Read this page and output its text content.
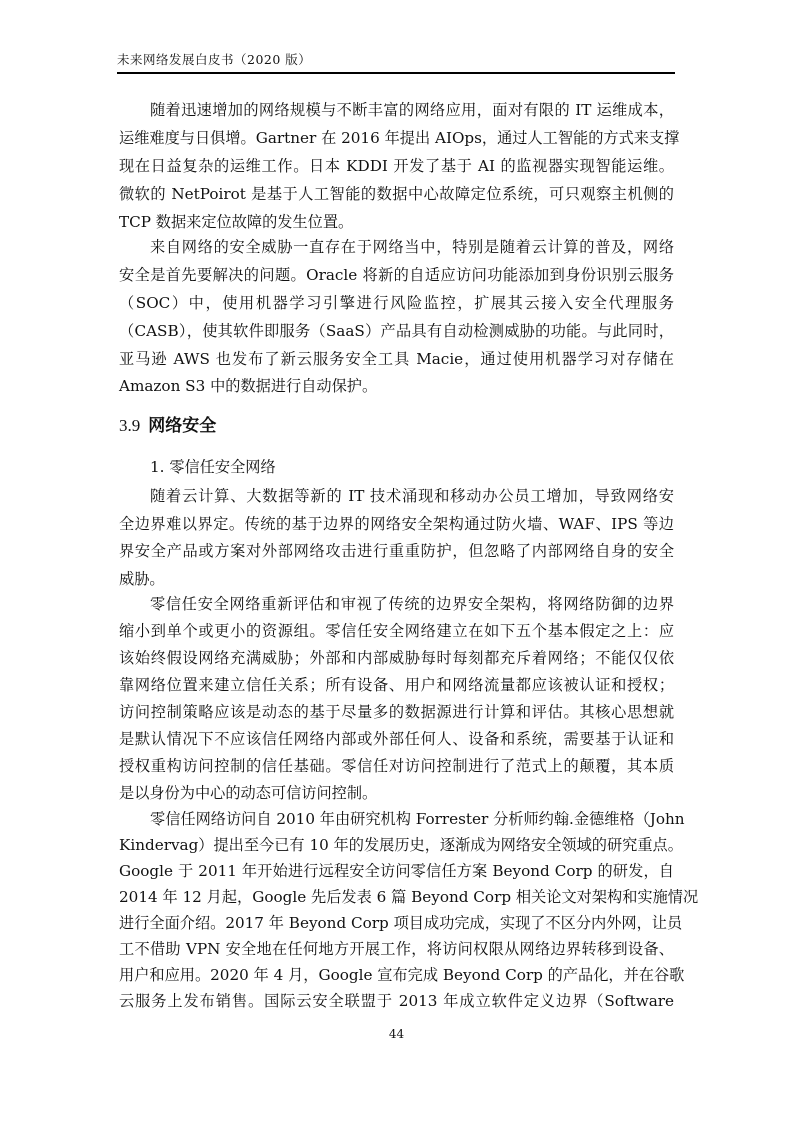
未来网络发展白皮书（2020 版）
随着迅速增加的网络规模与不断丰富的网络应用，面对有限的 IT 运维成本，
运维难度与日俱增。Gartner 在 2016 年提出 AIOps，通过人工智能的方式来支撑
现在日益复杂的运维工作。日本 KDDI 开发了基于 AI 的监视器实现智能运维。
微软的 NetPoirot 是基于人工智能的数据中心故障定位系统，可只观察主机侧的
TCP 数据来定位故障的发生位置。
来自网络的安全威胁一直存在于网络当中，特别是随着云计算的普及，网络
安全是首先要解决的问题。Oracle 将新的自适应访问功能添加到身份识别云服务
（SOC）中，使用机器学习引擎进行风险监控，扩展其云接入安全代理服务
（CASB），使其软件即服务（SaaS）产品具有自动检测威胁的功能。与此同时，
亚马逊 AWS 也发布了新云服务安全工具 Macie，通过使用机器学习对存储在
Amazon S3 中的数据进行自动保护。
3.9 网络安全
1. 零信任安全网络
随着云计算、大数据等新的 IT 技术涌现和移动办公员工增加，导致网络安
全边界难以界定。传统的基于边界的网络安全架构通过防火墙、WAF、IPS 等边
界安全产品或方案对外部网络攻击进行重重防护，但忽略了内部网络自身的安全
威胁。
零信任安全网络重新评估和审视了传统的边界安全架构，将网络防御的边界
缩小到单个或更小的资源组。零信任安全网络建立在如下五个基本假定之上：应
该始终假设网络充满威胁；外部和内部威胁每时每刻都充斥着网络；不能仅仅依
靠网络位置来建立信任关系；所有设备、用户和网络流量都应该被认证和授权；
访问控制策略应该是动态的基于尽量多的数据源进行计算和评估。其核心思想就
是默认情况下不应该信任网络内部或外部任何人、设备和系统，需要基于认证和
授权重构访问控制的信任基础。零信任对访问控制进行了范式上的颠覆，其本质
是以身份为中心的动态可信访问控制。
零信任网络访问自 2010 年由研究机构 Forrester 分析师约翰.金德维格（John
Kindervag）提出至今已有 10 年的发展历史，逐渐成为网络安全领域的研究重点。
Google 于 2011 年开始进行远程安全访问零信任方案 Beyond Corp 的研发，自
2014 年 12 月起，Google 先后发表 6 篇 Beyond Corp 相关论文对架构和实施情况
进行全面介绍。2017 年 Beyond Corp 项目成功完成，实现了不区分内外网，让员
工不借助 VPN 安全地在任何地方开展工作，将访问权限从网络边界转移到设备、
用户和应用。2020 年 4 月，Google 宣布完成 Beyond Corp 的产品化，并在谷歌
云服务上发布销售。国际云安全联盟于 2013 年成立软件定义边界（Software
44
